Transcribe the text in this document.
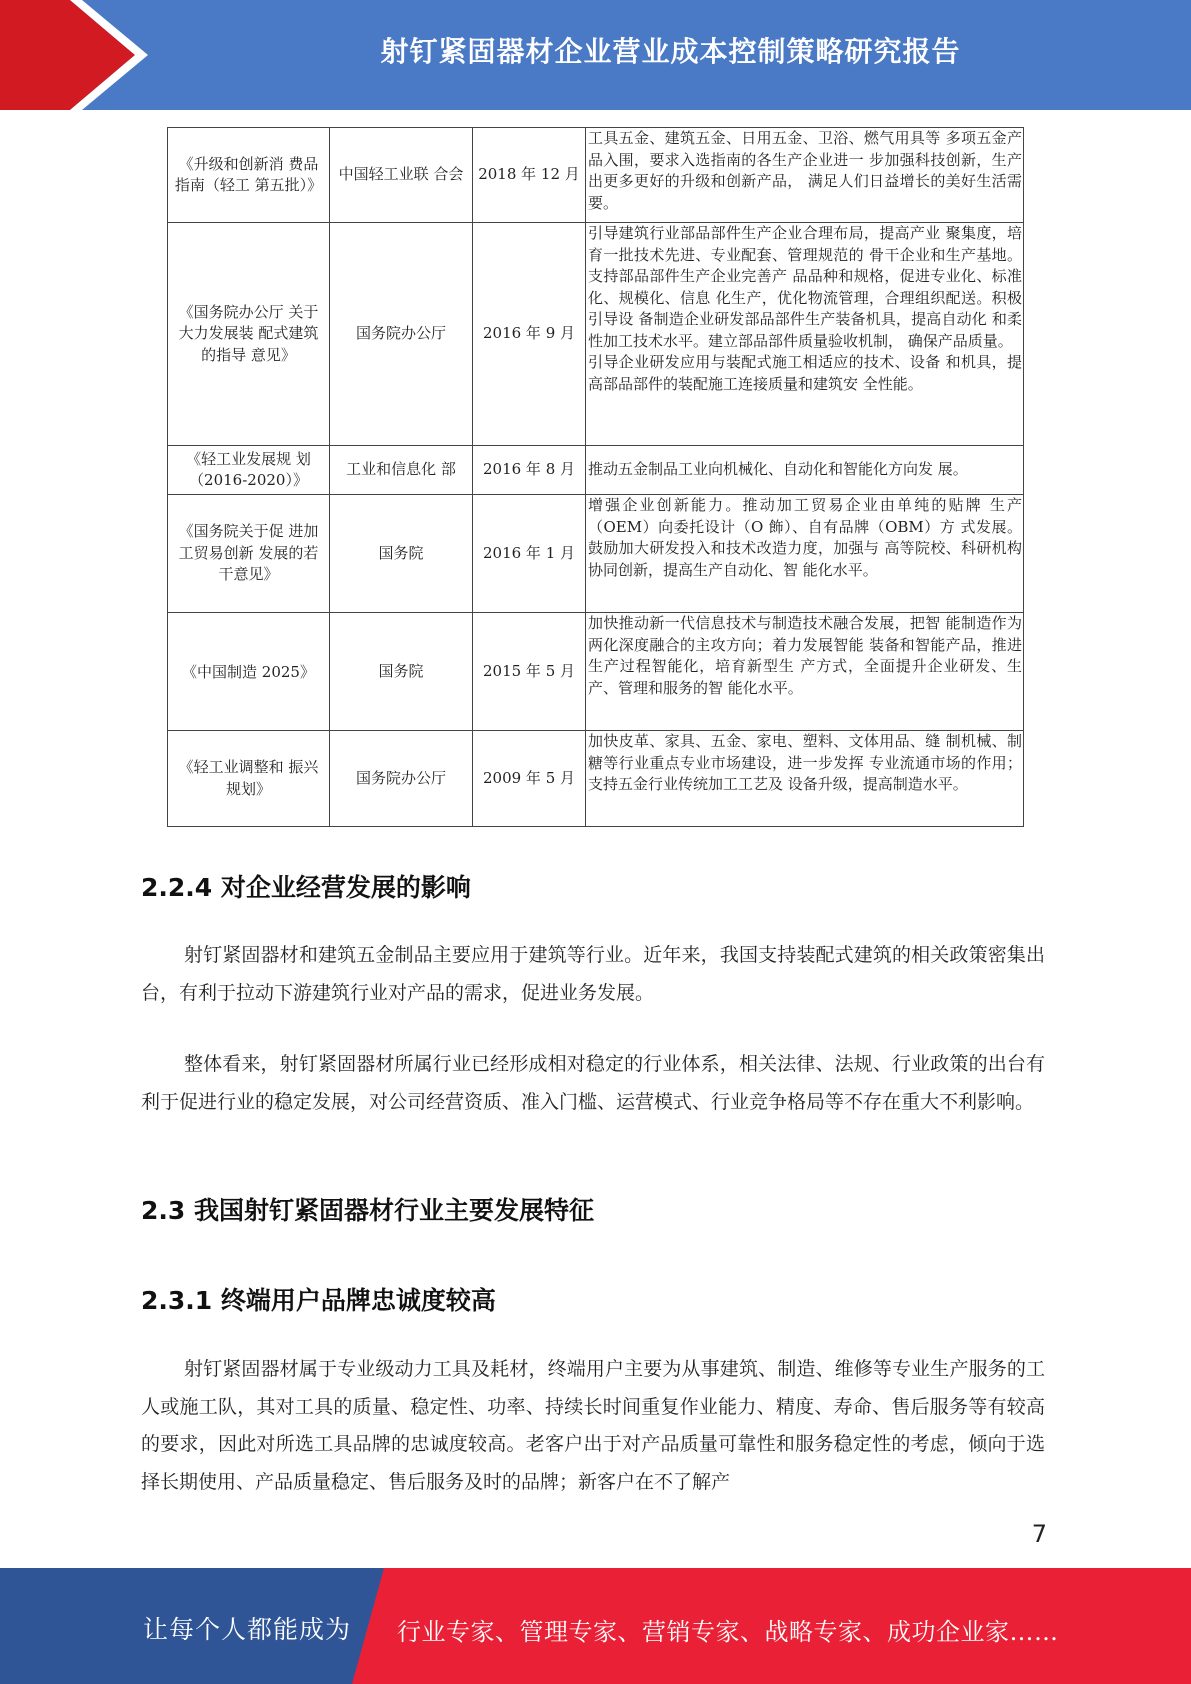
射钉紧固器材企业营业成本控制策略研究报告
《升级和创新消 费品指南（轻工 第五批）》	中国轻工业联 合会	2018 年 12 月	工具五金、建筑五金、日用五金、卫浴、燃气用具等 多项五金产品入围，要求入选指南的各生产企业进一 步加强科技创新，生产出更多更好的升级和创新产品， 满足人们日益增长的美好生活需要。
《国务院办公厅 关于大力发展装 配式建筑的指导 意见》	国务院办公厅	2016 年 9 月	引导建筑行业部品部件生产企业合理布局，提高产业 聚集度，培育一批技术先进、专业配套、管理规范的 骨干企业和生产基地。支持部品部件生产企业完善产 品品种和规格，促进专业化、标准化、规模化、信息 化生产，优化物流管理，合理组织配送。积极引导设 备制造企业研发部品部件生产装备机具，提高自动化 和柔性加工技术水平。建立部品部件质量验收机制， 确保产品质量。
引导企业研发应用与装配式施工相适应的技术、设备 和机具，提高部品部件的装配施工连接质量和建筑安 全性能。

《轻工业发展规 划（2016-2020）》	工业和信息化 部	2016 年 8 月	推动五金制品工业向机械化、自动化和智能化方向发 展。
《国务院关于促 进加工贸易创新 发展的若干意见》	国务院	2016 年 1 月	增强企业创新能力。推动加工贸易企业由单纯的贴牌 生产（OEM）向委托设计（O 飾）、自有品牌（OBM）方 式发展。鼓励加大研发投入和技术改造力度，加强与 高等院校、科研机构协同创新，提高生产自动化、智 能化水平。
《中国制造 2025》	国务院	2015 年 5 月	加快推动新一代信息技术与制造技术融合发展，把智 能制造作为两化深度融合的主攻方向；着力发展智能 装备和智能产品，推进生产过程智能化，培育新型生 产方式，全面提升企业研发、生产、管理和服务的智 能化水平。
《轻工业调整和 振兴规划》	国务院办公厅	2009 年 5 月	加快皮革、家具、五金、家电、塑料、文体用品、缝 制机械、制糖等行业重点专业市场建设，进一步发挥 专业流通市场的作用；支持五金行业传统加工工艺及 设备升级，提高制造水平。
2.2.4 对企业经营发展的影响

射钉紧固器材和建筑五金制品主要应用于建筑等行业。近年来，我国支持装配式建筑的相关政策密集出台，有利于拉动下游建筑行业对产品的需求，促进业务发展。

整体看来，射钉紧固器材所属行业已经形成相对稳定的行业体系，相关法律、法规、行业政策的出台有利于促进行业的稳定发展，对公司经营资质、准入门槛、运营模式、行业竞争格局等不存在重大不利影响。

2.3 我国射钉紧固器材行业主要发展特征
2.3.1 终端用户品牌忠诚度较高

射钉紧固器材属于专业级动力工具及耗材，终端用户主要为从事建筑、制造、维修等专业生产服务的工人或施工队，其对工具的质量、稳定性、功率、持续长时间重复作业能力、精度、寿命、售后服务等有较高的要求，因此对所选工具品牌的忠诚度较高。老客户出于对产品质量可靠性和服务稳定性的考虑，倾向于选择长期使用、产品质量稳定、售后服务及时的品牌；新客户在不了解产

7
让每个人都能成为 行业专家、管理专家、营销专家、战略专家、成功企业家……
